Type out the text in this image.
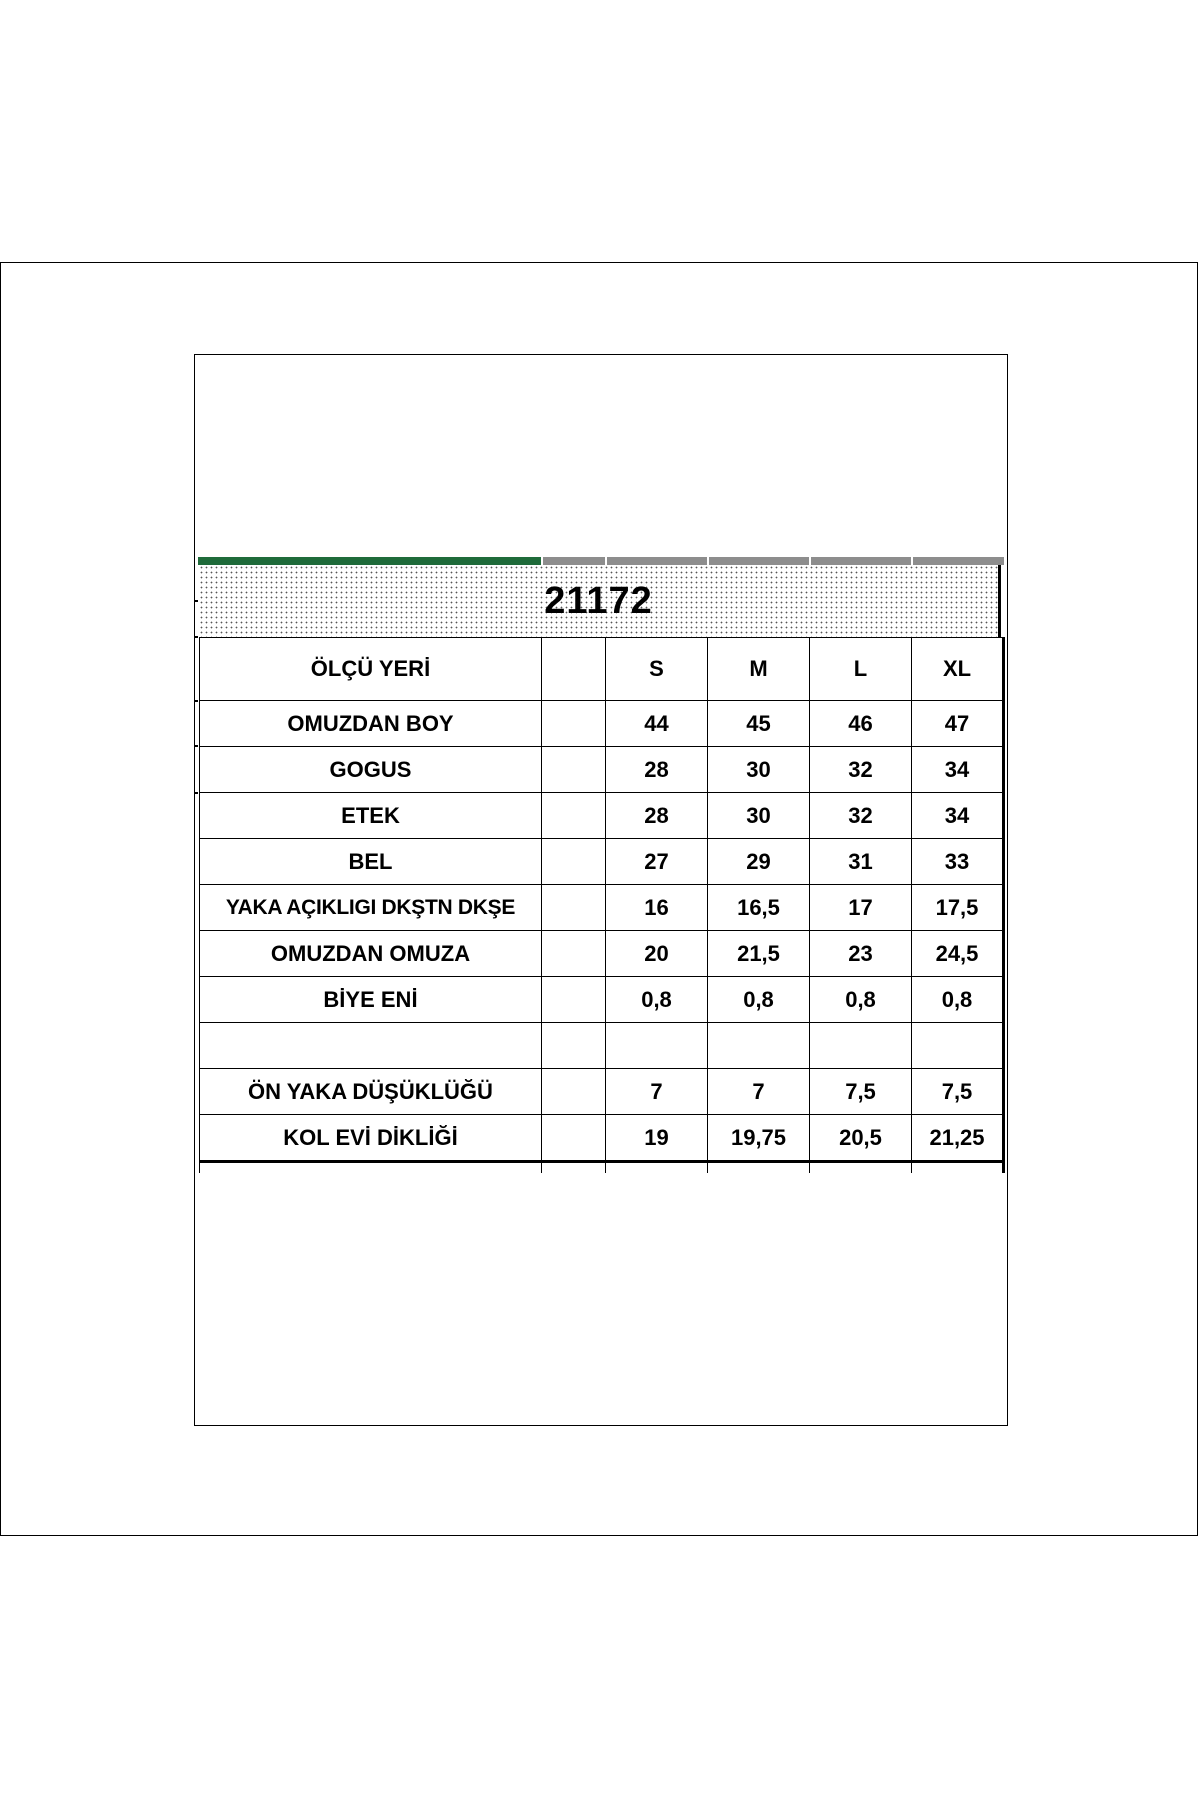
21172
ÖLÇÜ YERİ		S	M	L	XL
OMUZDAN BOY		44	45	46	47
GOGUS		28	30	32	34
ETEK		28	30	32	34
BEL		27	29	31	33
YAKA AÇIKLIGI DKŞTN DKŞE		16	16,5	17	17,5
OMUZDAN OMUZA		20	21,5	23	24,5
BİYE ENİ		0,8	0,8	0,8	0,8

ÖN YAKA DÜŞÜKLÜĞÜ		7	7	7,5	7,5
KOL EVİ DİKLİĞİ		19	19,75	20,5	21,25
